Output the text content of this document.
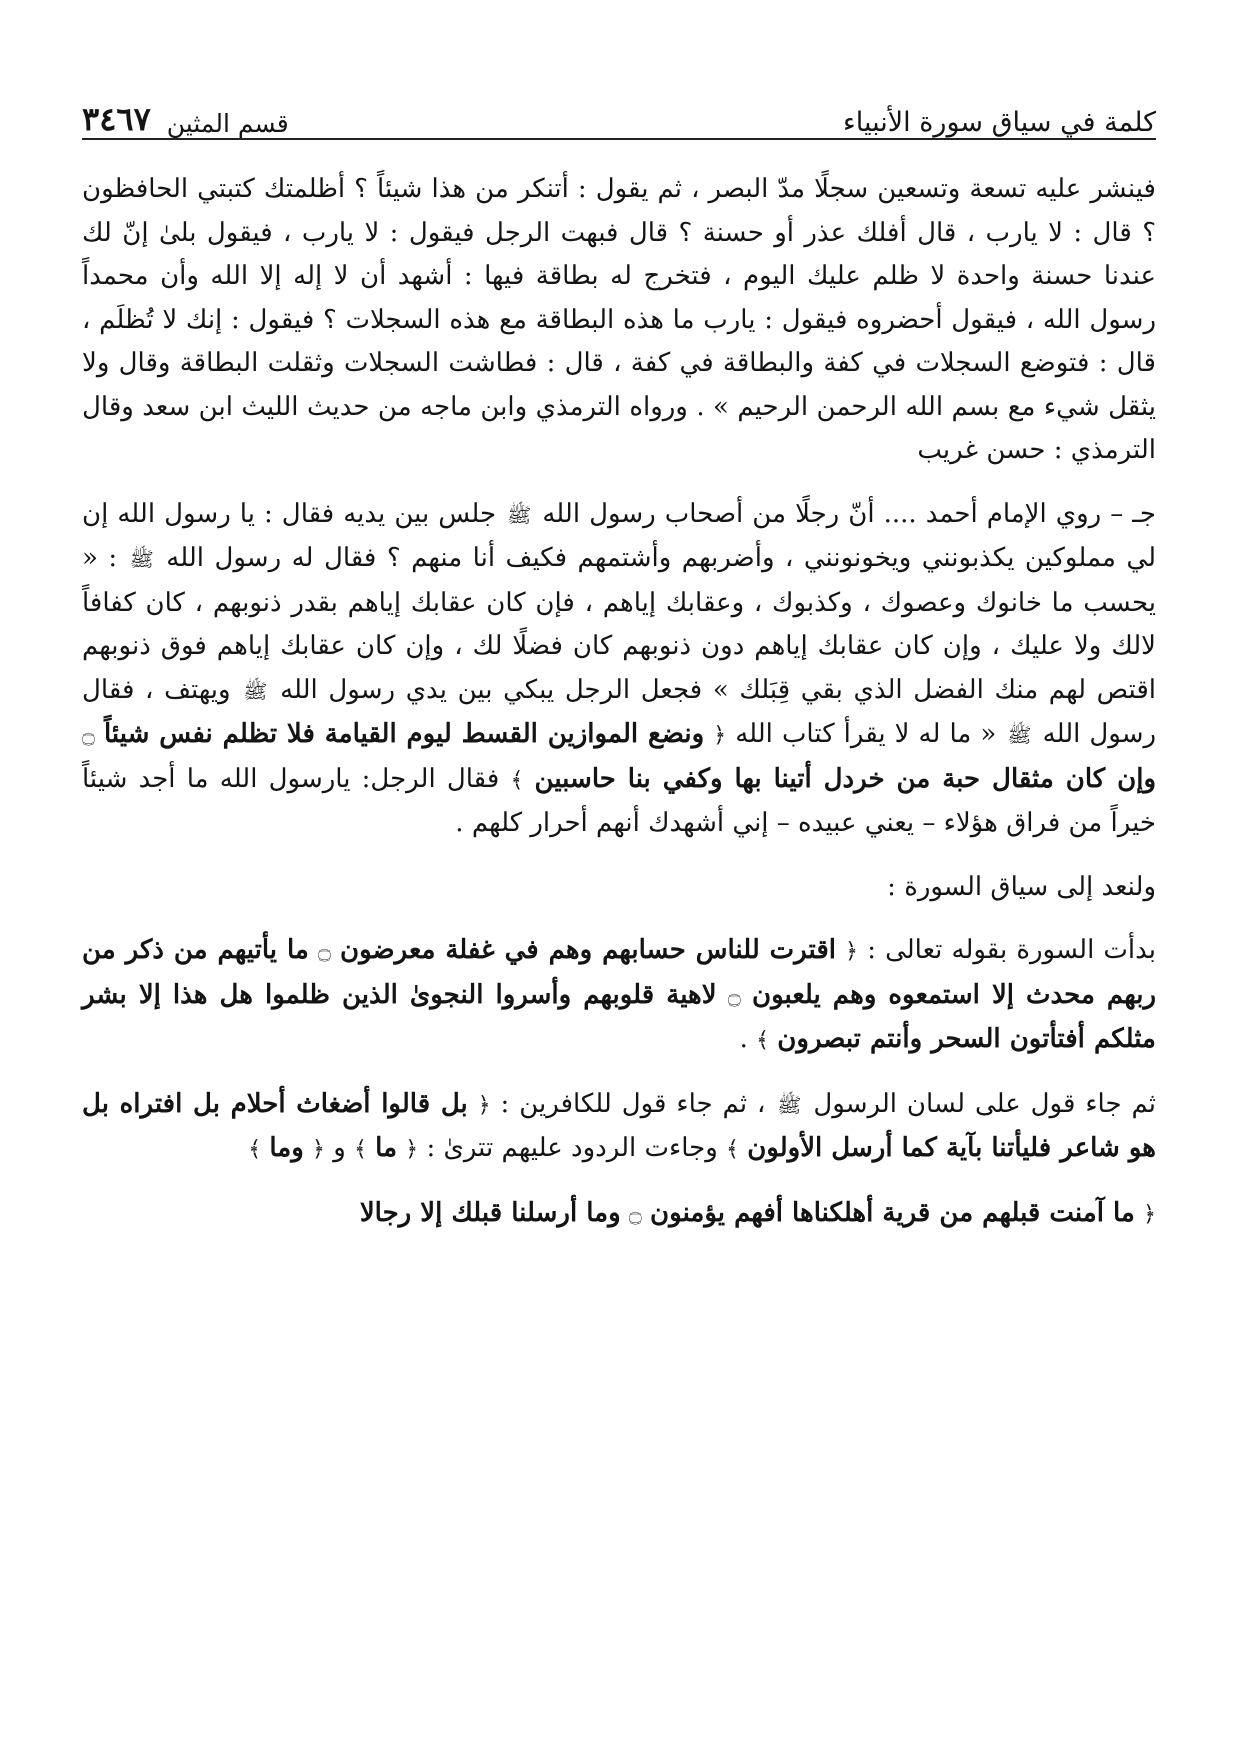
كلمة في سياق سورة الأنبياء
قسم المثين
٣٤٦٧

فينشر عليه تسعة وتسعين سجلًا مدّ البصر ، ثم يقول : أتنكر من هذا شيئاً ؟ أظلمتك كتبتي الحافظون ؟ قال : لا يارب ، قال أفلك عذر أو حسنة ؟ قال فبهت الرجل فيقول : لا يارب ، فيقول بلىٰ إنّ لك عندنا حسنة واحدة لا ظلم عليك اليوم ، فتخرج له بطاقة فيها : أشهد أن لا إله إلا الله وأن محمداً رسول الله ، فيقول أحضروه فيقول : يارب ما هذه البطاقة مع هذه السجلات ؟ فيقول : إنك لا تُظلَم ، قال : فتوضع السجلات في كفة والبطاقة في كفة ، قال : فطاشت السجلات وثقلت البطاقة وقال ولا يثقل شيء مع بسم الله الرحمن الرحيم » . ورواه الترمذي وابن ماجه من حديث الليث ابن سعد وقال الترمذي : حسن غريب

جـ – روي الإمام أحمد .... أنّ رجلًا من أصحاب رسول الله ﷺ جلس بين يديه فقال : يا رسول الله إن لي مملوكين يكذبونني ويخونونني ، وأضربهم وأشتمهم فكيف أنا منهم ؟ فقال له رسول الله ﷺ : « يحسب ما خانوك وعصوك ، وكذبوك ، وعقابك إياهم ، فإن كان عقابك إياهم بقدر ذنوبهم ، كان كفافاً لالك ولا عليك ، وإن كان عقابك إياهم دون ذنوبهم كان فضلًا لك ، وإن كان عقابك إياهم فوق ذنوبهم اقتص لهم منك الفضل الذي بقي قِبَلك » فجعل الرجل يبكي بين يدي رسول الله ﷺ ويهتف ، فقال رسول الله ﷺ « ما له لا يقرأ كتاب الله ﴿ ونضع الموازين القسط ليوم القيامة فلا تظلم نفس شيئاً ۝ وإن كان مثقال حبة من خردل أتينا بها وكفي بنا حاسبين ﴾ فقال الرجل: يارسول الله ما أجد شيئاً خيراً من فراق هؤلاء – يعني عبيده – إني أشهدك أنهم أحرار كلهم .

ولنعد إلى سياق السورة :

بدأت السورة بقوله تعالى : ﴿ اقترت للناس حسابهم وهم في غفلة معرضون ۝ ما يأتيهم من ذكر من ربهم محدث إلا استمعوه وهم يلعبون ۝ لاهية قلوبهم وأسروا النجوىٰ الذين ظلموا هل هذا إلا بشر مثلكم أفتأتون السحر وأنتم تبصرون ﴾ .

ثم جاء قول على لسان الرسول ﷺ ، ثم جاء قول للكافرين : ﴿ بل قالوا أضغاث أحلام بل افتراه بل هو شاعر فليأتنا بآية كما أرسل الأولون ﴾ وجاءت الردود عليهم تترىٰ : ﴿ ما ﴾ و ﴿ وما ﴾

﴿ ما آمنت قبلهم من قرية أهلكناها أفهم يؤمنون ۝ وما أرسلنا قبلك إلا رجالا
